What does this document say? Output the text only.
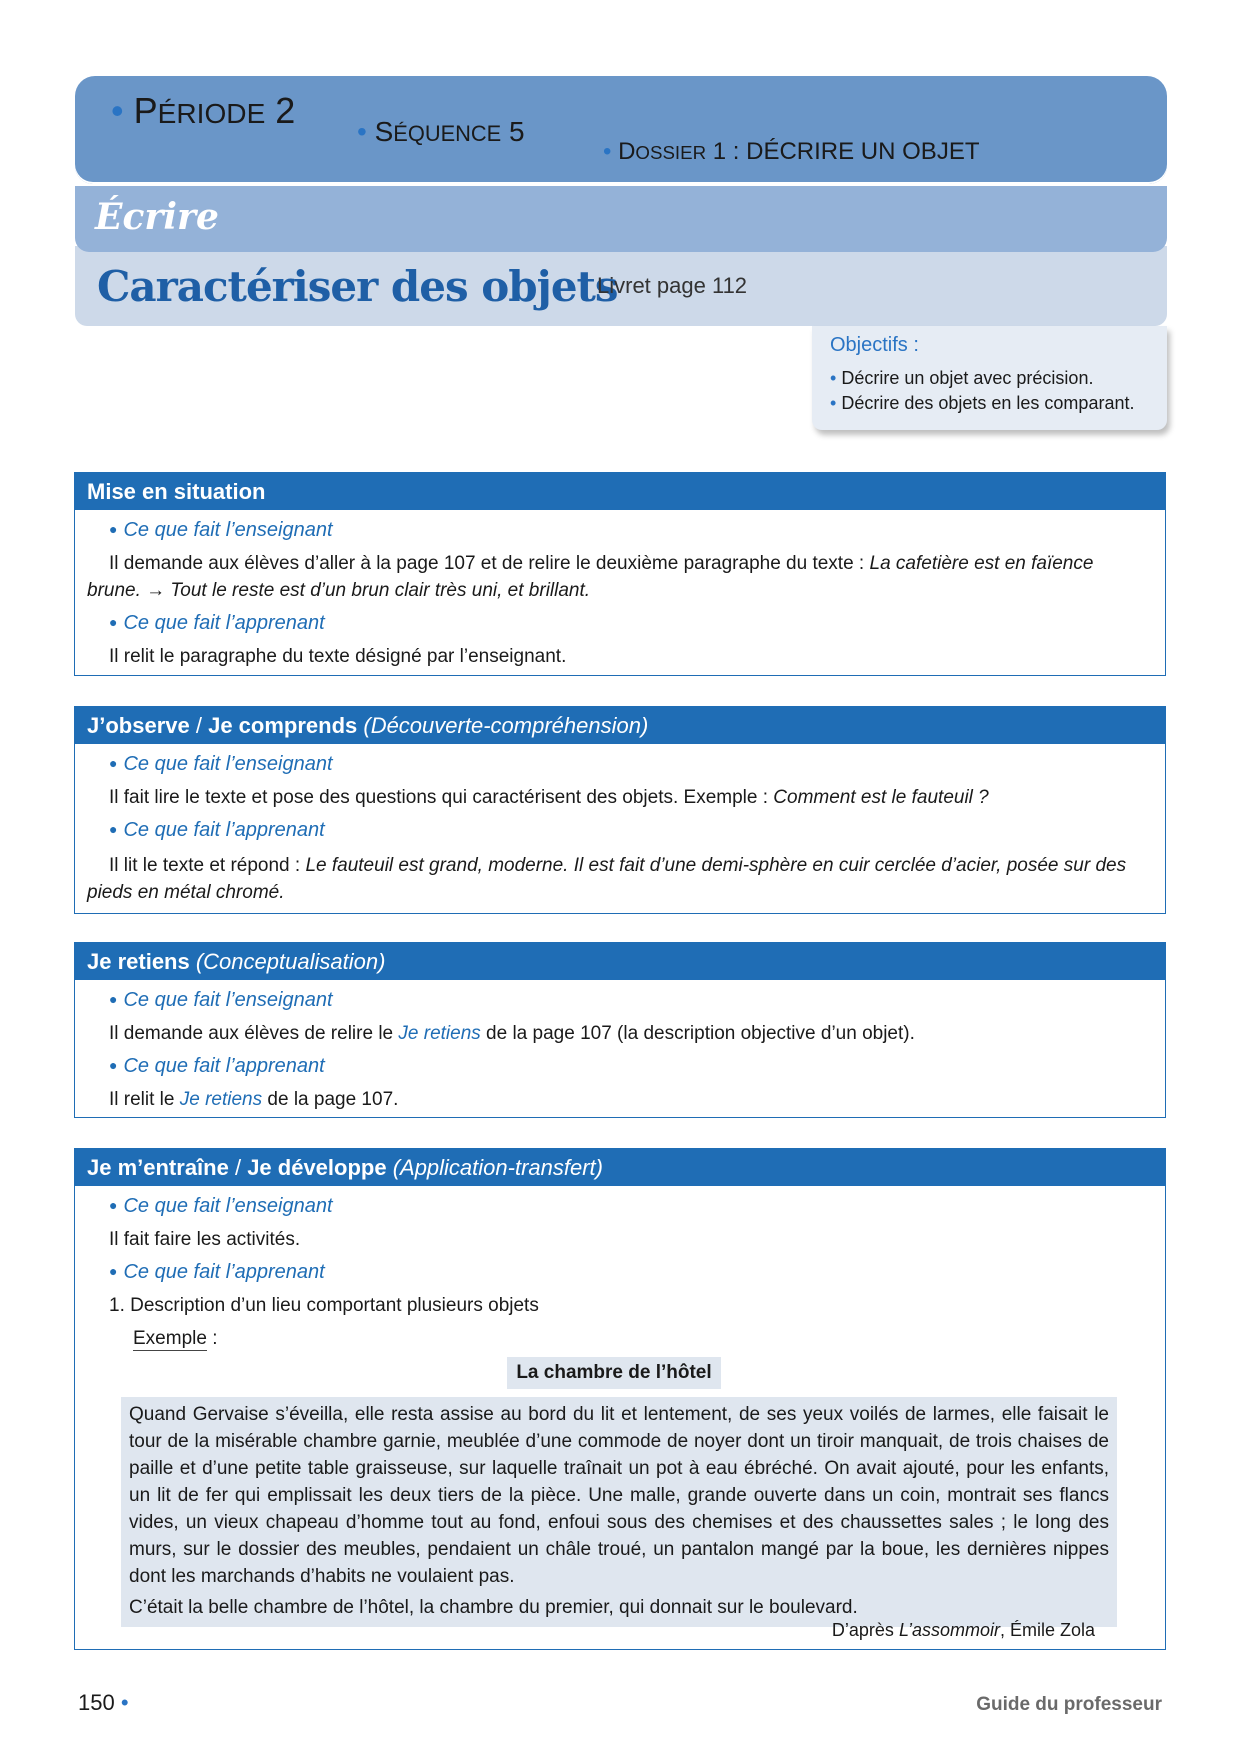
• PÉRIODE 2
• SÉQUENCE 5
• DOSSIER 1 : DÉCRIRE UN OBJET
Écrire
Caractériser des objets
Livret page 112
Objectifs :
• Décrire un objet avec précision.
• Décrire des objets en les comparant.
Mise en situation
● Ce que fait l’enseignant
Il demande aux élèves d’aller à la page 107 et de relire le deuxième paragraphe du texte : La cafetière est en faïence
brune. → Tout le reste est d’un brun clair très uni, et brillant.
● Ce que fait l’apprenant
Il relit le paragraphe du texte désigné par l’enseignant.
J’observe / Je comprends (Découverte-compréhension)
● Ce que fait l’enseignant
Il fait lire le texte et pose des questions qui caractérisent des objets. Exemple : Comment est le fauteuil ?
● Ce que fait l’apprenant
Il lit le texte et répond : Le fauteuil est grand, moderne. Il est fait d’une demi-sphère en cuir cerclée d’acier, posée sur des
pieds en métal chromé.
Je retiens (Conceptualisation)
● Ce que fait l’enseignant
Il demande aux élèves de relire le Je retiens de la page 107 (la description objective d’un objet).
● Ce que fait l’apprenant
Il relit le Je retiens de la page 107.
Je m’entraîne / Je développe (Application-transfert)
● Ce que fait l’enseignant
Il fait faire les activités.
● Ce que fait l’apprenant
1. Description d’un lieu comportant plusieurs objets
Exemple :
La chambre de l’hôtel
Quand Gervaise s’éveilla, elle resta assise au bord du lit et lentement, de ses yeux voilés de larmes, elle faisait le tour de la misérable chambre garnie, meublée d’une commode de noyer dont un tiroir manquait, de trois chaises de paille et d’une petite table graisseuse, sur laquelle traînait un pot à eau ébréché. On avait ajouté, pour les enfants, un lit de fer qui emplissait les deux tiers de la pièce. Une malle, grande ouverte dans un coin, montrait ses flancs vides, un vieux chapeau d’homme tout au fond, enfoui sous des chemises et des chaussettes sales ; le long des murs, sur le dossier des meubles, pendaient un châle troué, un pantalon mangé par la boue, les dernières nippes dont les marchands d’habits ne voulaient pas.
C’était la belle chambre de l’hôtel, la chambre du premier, qui donnait sur le boulevard.
D’après L’assommoir, Émile Zola
150 •	Guide du professeur
